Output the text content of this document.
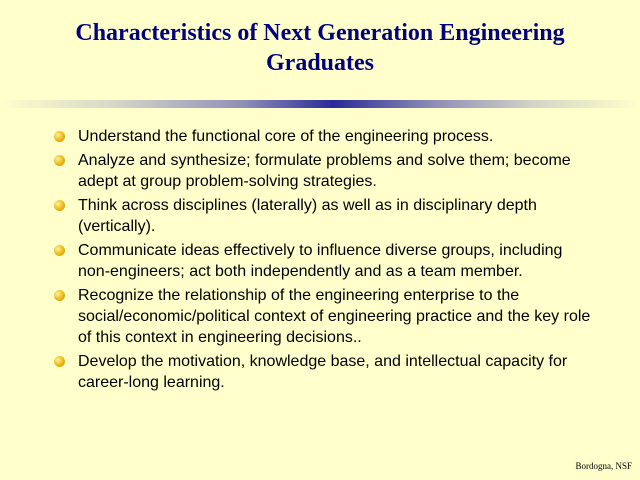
Characteristics of Next Generation Engineering Graduates
Understand the functional core of the engineering process.
Analyze and synthesize; formulate problems and solve them; become adept at group problem-solving strategies.
Think across disciplines (laterally) as well as in disciplinary depth (vertically).
Communicate ideas effectively to influence diverse groups, including non-engineers; act both independently and as a team member.
Recognize the relationship of the engineering enterprise to the social/economic/political context of engineering practice and the key role of this context in engineering decisions..
Develop the motivation, knowledge base, and intellectual capacity for career-long learning.
Bordogna, NSF
